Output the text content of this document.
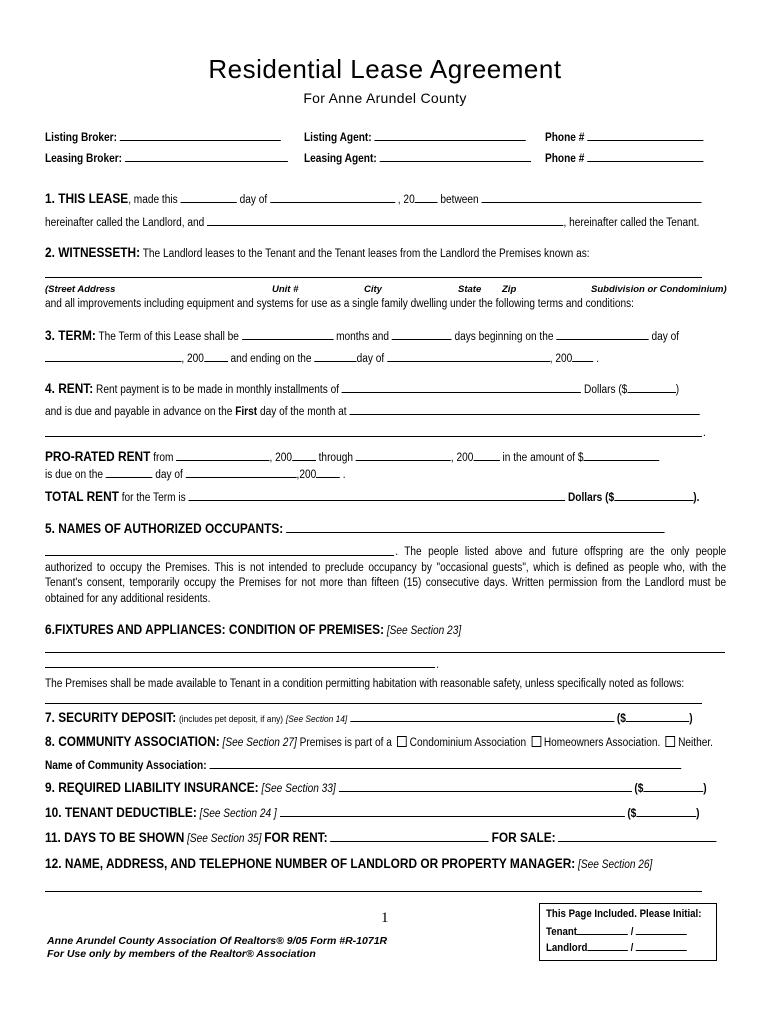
Residential Lease Agreement
For Anne Arundel County
Listing Broker:	Listing Agent:	Phone #
Leasing Broker:	Leasing Agent:	Phone #
1. THIS LEASE, made this	day of	, 20 between
hereinafter called the Landlord, and	, hereinafter called the Tenant.
2. WITNESSETH: The Landlord leases to the Tenant and the Tenant leases from the Landlord the Premises known as:
(Street Address	Unit #	City	State Zip	Subdivision or Condominium)
and all improvements including equipment and systems for use as a single family dwelling under the following terms and conditions:
3. TERM: The Term of this Lease shall be	months and	days beginning on the	day of
, 200 and ending on the	day of	, 200 .
4. RENT: Rent payment is to be made in monthly installments of	Dollars ($	)
and is due and payable in advance on the First day of the month at
.
PRO-RATED RENT from	, 200 through	, 200	in the amount of $
is due on the	day of	,200 .
TOTAL RENT for the Term is	Dollars ($	).
5. NAMES OF AUTHORIZED OCCUPANTS:
. The people listed above and future offspring are the only people authorized to occupy the Premises. This is not intended to preclude occupancy by "occasional guests", which is defined as people who, with the Tenant's consent, temporarily occupy the Premises for not more than fifteen (15) consecutive days. Written permission from the Landlord must be obtained for any additional residents.
6.FIXTURES AND APPLIANCES: CONDITION OF PREMISES: [See Section 23]
.
The Premises shall be made available to Tenant in a condition permitting habitation with reasonable safety, unless specifically noted as follows:
7. SECURITY DEPOSIT: (includes pet deposit, if any) [See Section 14]	($	)
8. COMMUNITY ASSOCIATION: [See Section 27] Premises is part of a Condominium Association Homeowners Association. Neither.
Name of Community Association:
9. REQUIRED LIABILITY INSURANCE: [See Section 33]	($	)
10. TENANT DEDUCTIBLE: [See Section 24 ]	($	)
11. DAYS TO BE SHOWN [See Section 35] FOR RENT:	FOR SALE:
12. NAME, ADDRESS, AND TELEPHONE NUMBER OF LANDLORD OR PROPERTY MANAGER: [See Section 26]
1
Anne Arundel County Association Of Realtors® 9/05 Form #R-1071R
For Use only by members of the Realtor® Association
This Page Included. Please Initial:
Tenant	/
Landlord	/
